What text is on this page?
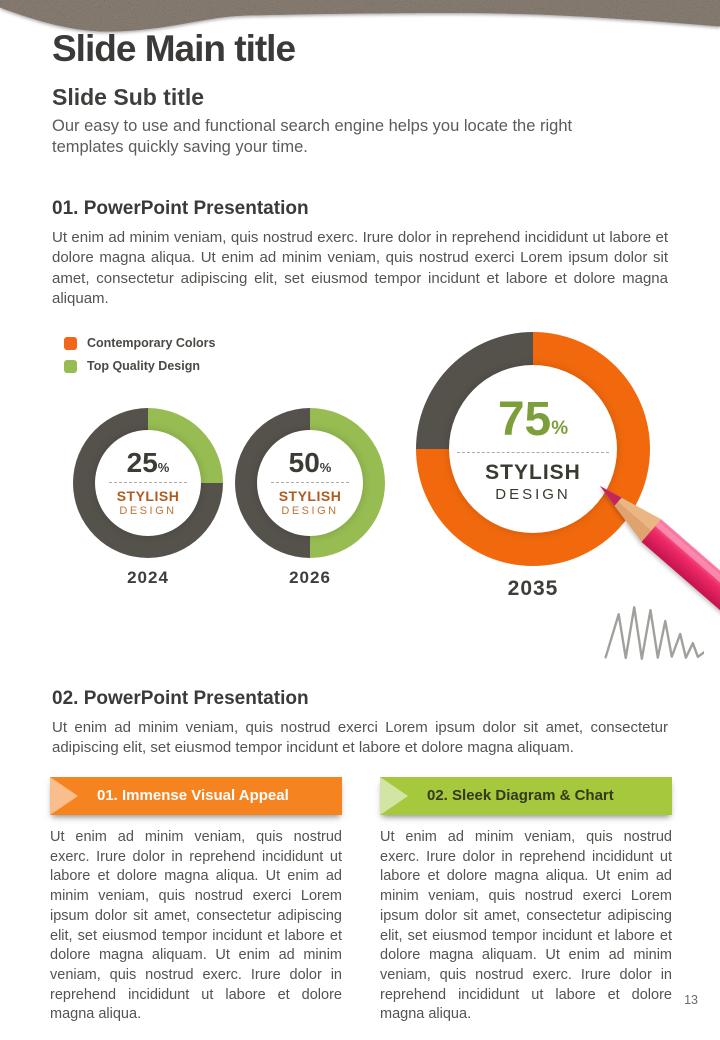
Slide Main title
Slide Sub title
Our easy to use and functional search engine helps you locate the right templates quickly saving your time.
01. PowerPoint Presentation

Ut enim ad minim veniam, quis nostrud exerc. Irure dolor in reprehend incididunt ut labore et dolore magna aliqua. Ut enim ad minim veniam, quis nostrud exerci Lorem ipsum dolor sit amet, consectetur adipiscing elit, set eiusmod tempor incidunt et labore et dolore magna aliquam.

Contemporary Colors
Top Quality Design
25 %
STYLISH
DESIGN
2024
50 %
STYLISH
DESIGN
2026
75 %
STYLISH
DESIGN
2035
02. PowerPoint Presentation

Ut enim ad minim veniam, quis nostrud exerci Lorem ipsum dolor sit amet, consectetur adipiscing elit, set eiusmod tempor incidunt et labore et dolore magna aliquam.

01. Immense Visual Appeal
Ut enim ad minim veniam, quis nostrud exerc. Irure dolor in reprehend incididunt ut labore et dolore magna aliqua. Ut enim ad minim veniam, quis nostrud exerci Lorem ipsum dolor sit amet, consectetur adipiscing elit, set eiusmod tempor incidunt et labore et dolore magna aliquam. Ut enim ad minim veniam, quis nostrud exerc. Irure dolor in reprehend incididunt ut labore et dolore magna aliqua.
02. Sleek Diagram & Chart
Ut enim ad minim veniam, quis nostrud exerc. Irure dolor in reprehend incididunt ut labore et dolore magna aliqua. Ut enim ad minim veniam, quis nostrud exerci Lorem ipsum dolor sit amet, consectetur adipiscing elit, set eiusmod tempor incidunt et labore et dolore magna aliquam. Ut enim ad minim veniam, quis nostrud exerc. Irure dolor in reprehend incididunt ut labore et dolore magna aliqua.
13
